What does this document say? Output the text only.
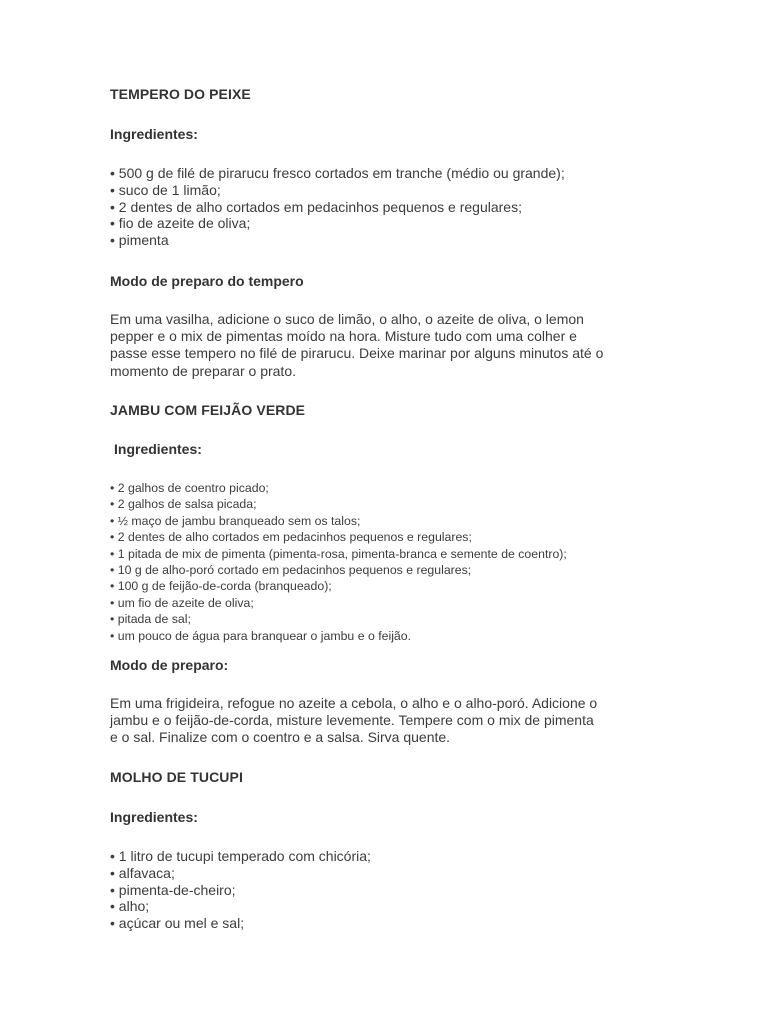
TEMPERO DO PEIXE
Ingredientes:
• 500 g de filé de pirarucu fresco cortados em tranche (médio ou grande);
• suco de 1 limão;
• 2 dentes de alho cortados em pedacinhos pequenos e regulares;
• fio de azeite de oliva;
• pimenta
Modo de preparo do tempero
Em uma vasilha, adicione o suco de limão, o alho, o azeite de oliva, o lemon
pepper e o mix de pimentas moído na hora. Misture tudo com uma colher e
passe esse tempero no filé de pirarucu. Deixe marinar por alguns minutos até o
momento de preparar o prato.
JAMBU COM FEIJÃO VERDE
Ingredientes:
• 2 galhos de coentro picado;
• 2 galhos de salsa picada;
• ½ maço de jambu branqueado sem os talos;
• 2 dentes de alho cortados em pedacinhos pequenos e regulares;
• 1 pitada de mix de pimenta (pimenta-rosa, pimenta-branca e semente de coentro);
• 10 g de alho-poró cortado em pedacinhos pequenos e regulares;
• 100 g de feijão-de-corda (branqueado);
• um fio de azeite de oliva;
• pitada de sal;
• um pouco de água para branquear o jambu e o feijão.
Modo de preparo:
Em uma frigideira, refogue no azeite a cebola, o alho e o alho-poró. Adicione o
jambu e o feijão-de-corda, misture levemente. Tempere com o mix de pimenta
e o sal. Finalize com o coentro e a salsa. Sirva quente.
MOLHO DE TUCUPI
Ingredientes:
• 1 litro de tucupi temperado com chicória;
• alfavaca;
• pimenta-de-cheiro;
• alho;
• açúcar ou mel e sal;
